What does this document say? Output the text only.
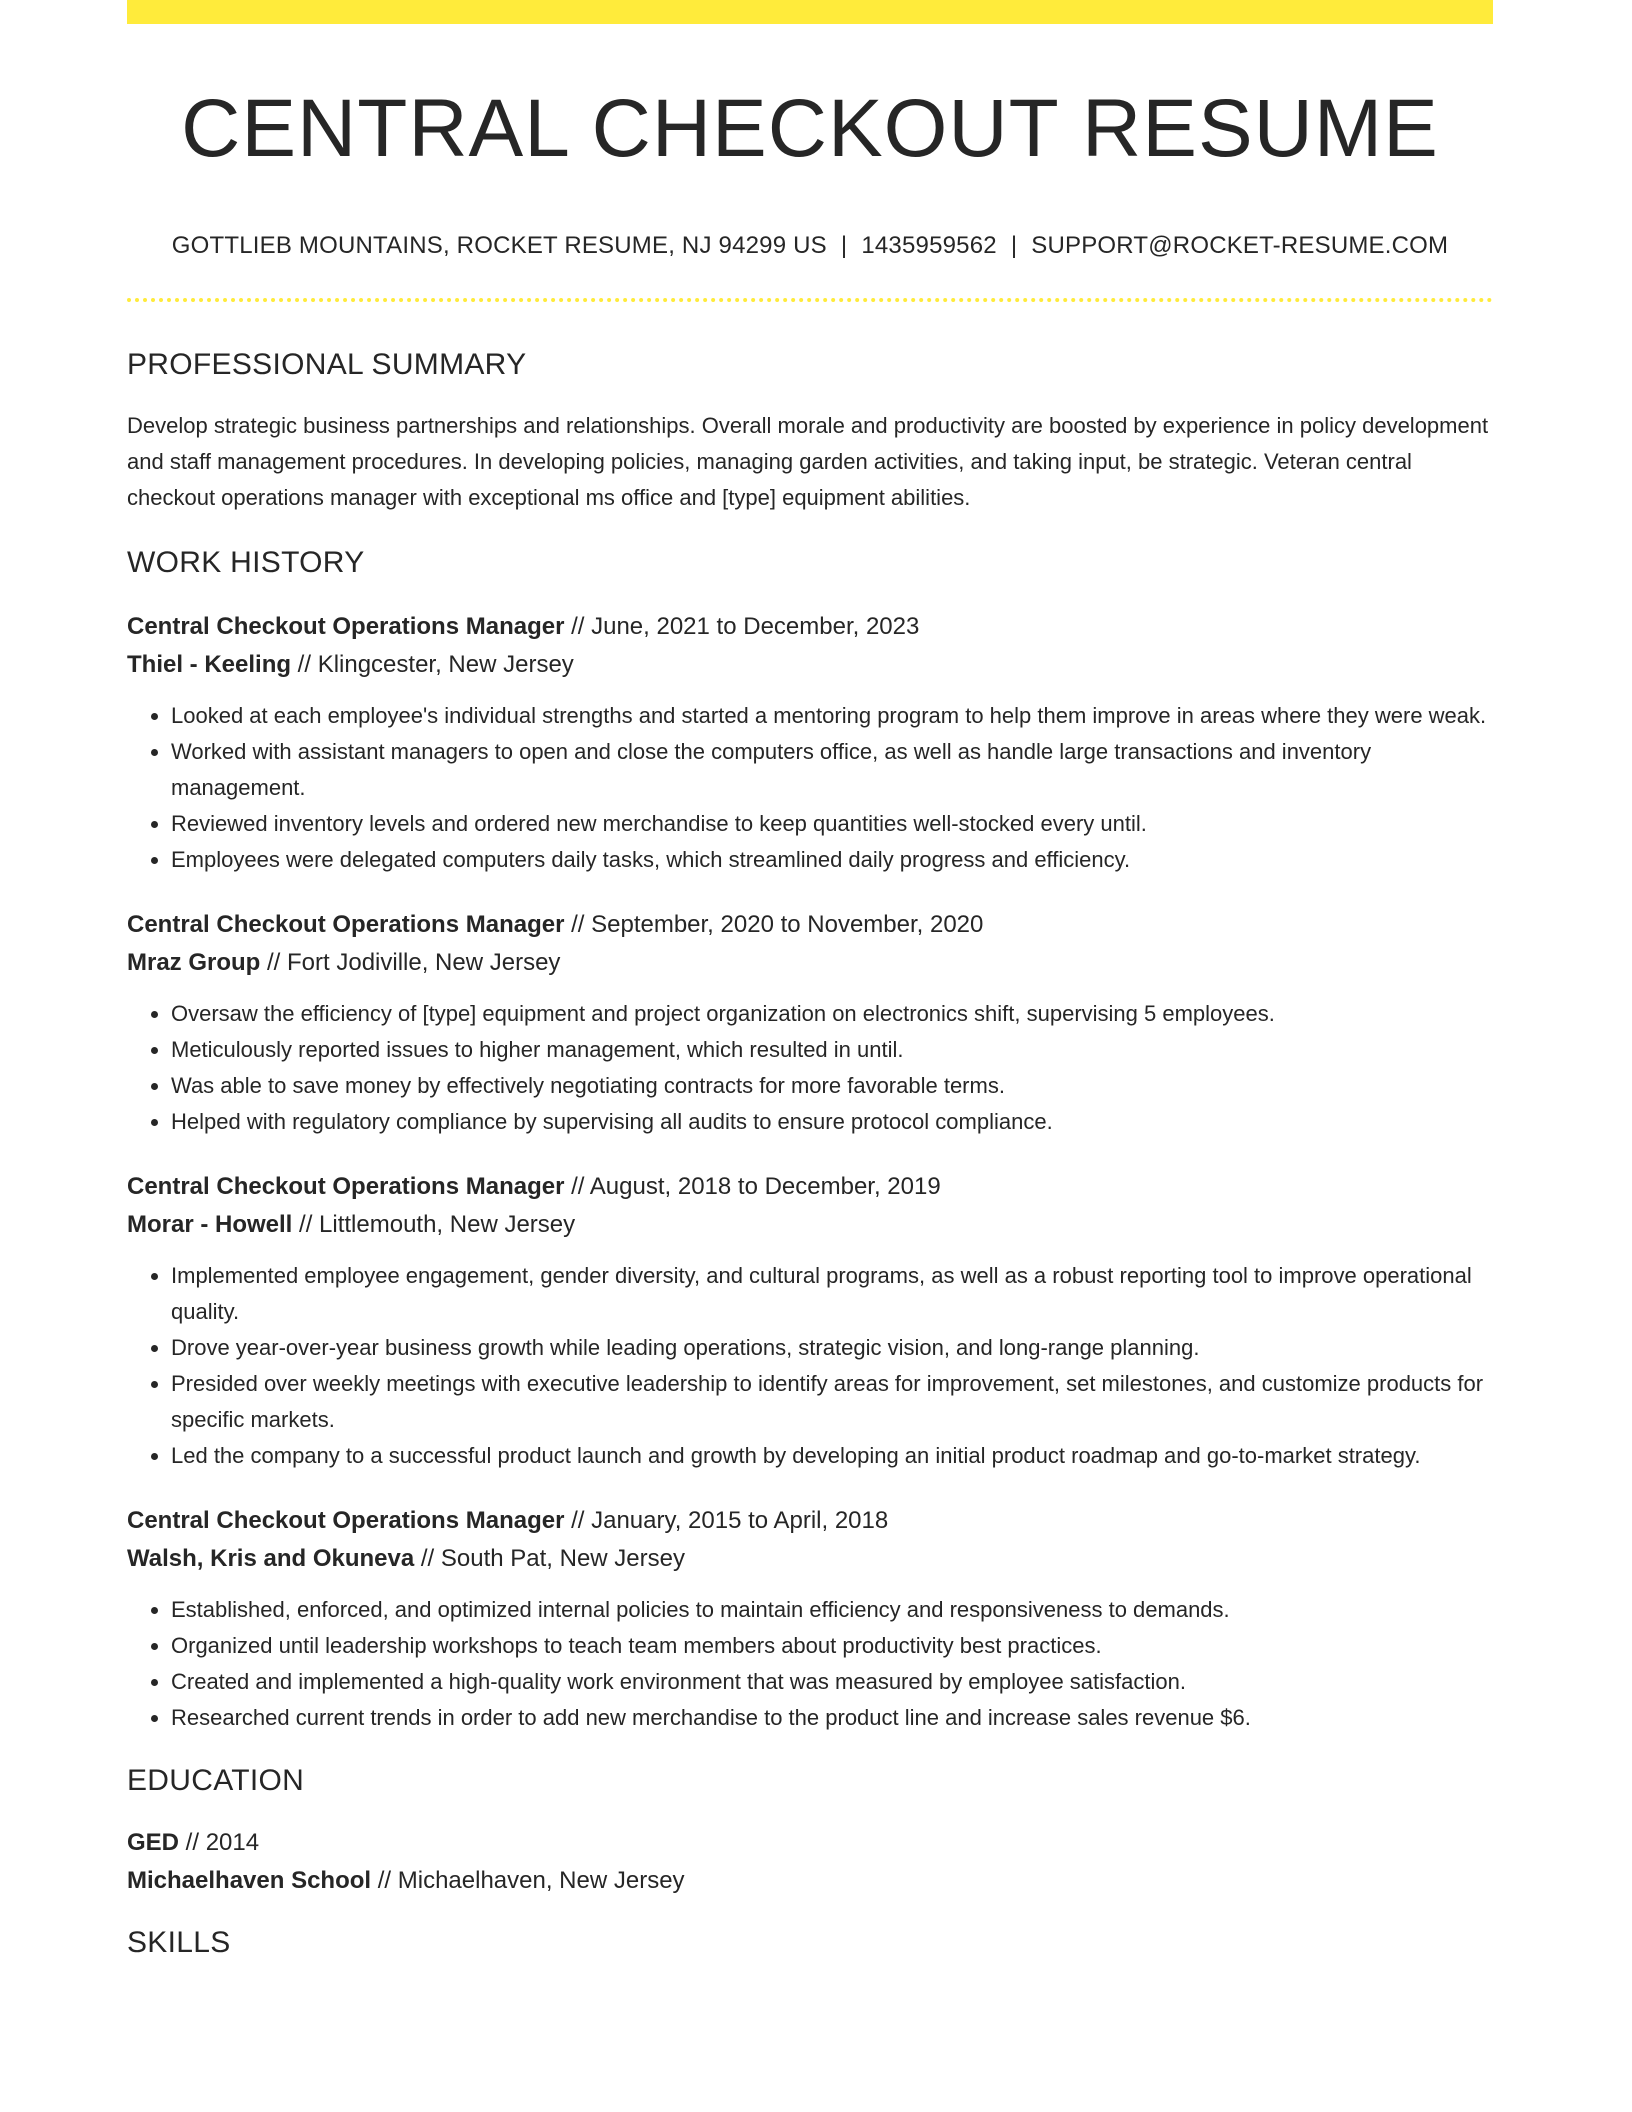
CENTRAL CHECKOUT RESUME
GOTTLIEB MOUNTAINS, ROCKET RESUME, NJ 94299 US | 1435959562 | SUPPORT@ROCKET-RESUME.COM
PROFESSIONAL SUMMARY
Develop strategic business partnerships and relationships. Overall morale and productivity are boosted by experience in policy development and staff management procedures. In developing policies, managing garden activities, and taking input, be strategic. Veteran central checkout operations manager with exceptional ms office and [type] equipment abilities.
WORK HISTORY
Central Checkout Operations Manager // June, 2021 to December, 2023
Thiel - Keeling // Klingcester, New Jersey
• Looked at each employee's individual strengths and started a mentoring program to help them improve in areas where they were weak.
• Worked with assistant managers to open and close the computers office, as well as handle large transactions and inventory management.
• Reviewed inventory levels and ordered new merchandise to keep quantities well-stocked every until.
• Employees were delegated computers daily tasks, which streamlined daily progress and efficiency.
Central Checkout Operations Manager // September, 2020 to November, 2020
Mraz Group // Fort Jodiville, New Jersey
• Oversaw the efficiency of [type] equipment and project organization on electronics shift, supervising 5 employees.
• Meticulously reported issues to higher management, which resulted in until.
• Was able to save money by effectively negotiating contracts for more favorable terms.
• Helped with regulatory compliance by supervising all audits to ensure protocol compliance.
Central Checkout Operations Manager // August, 2018 to December, 2019
Morar - Howell // Littlemouth, New Jersey
• Implemented employee engagement, gender diversity, and cultural programs, as well as a robust reporting tool to improve operational quality.
• Drove year-over-year business growth while leading operations, strategic vision, and long-range planning.
• Presided over weekly meetings with executive leadership to identify areas for improvement, set milestones, and customize products for specific markets.
• Led the company to a successful product launch and growth by developing an initial product roadmap and go-to-market strategy.
Central Checkout Operations Manager // January, 2015 to April, 2018
Walsh, Kris and Okuneva // South Pat, New Jersey
• Established, enforced, and optimized internal policies to maintain efficiency and responsiveness to demands.
• Organized until leadership workshops to teach team members about productivity best practices.
• Created and implemented a high-quality work environment that was measured by employee satisfaction.
• Researched current trends in order to add new merchandise to the product line and increase sales revenue $6.
EDUCATION
GED // 2014
Michaelhaven School // Michaelhaven, New Jersey
SKILLS
